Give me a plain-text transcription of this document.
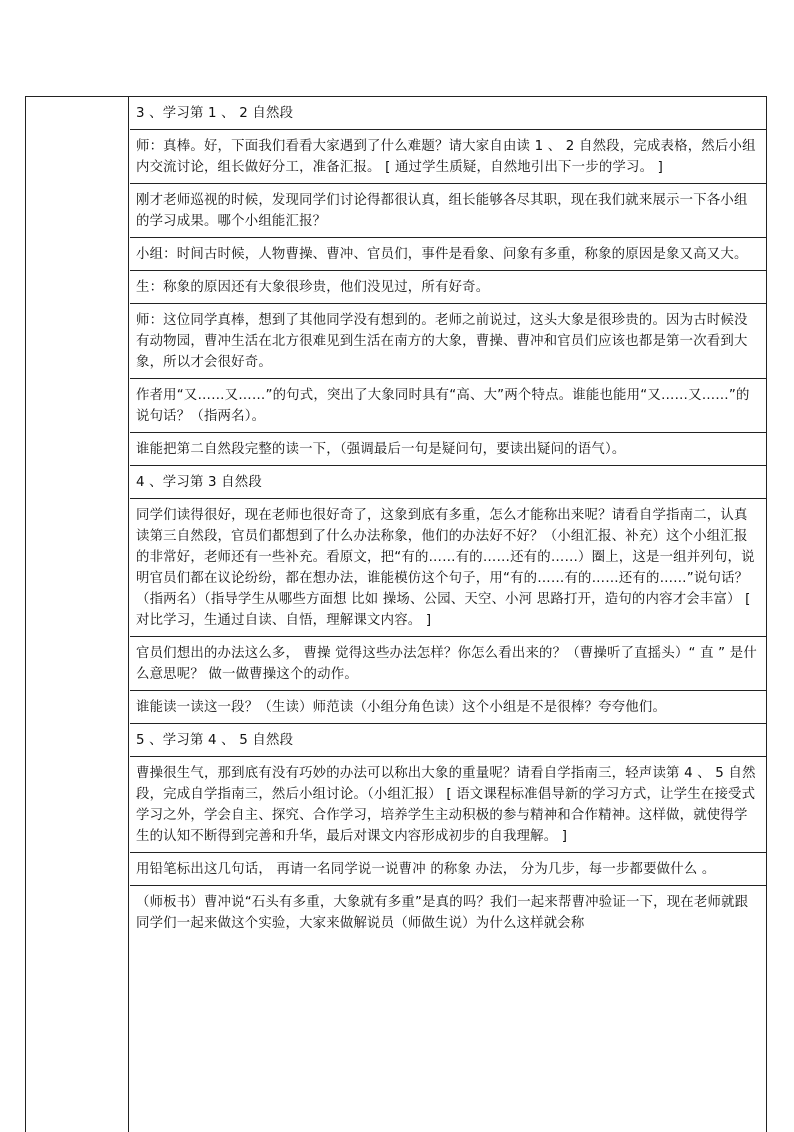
3 、学习第 1 、 2 自然段
师：真棒。好，下面我们看看大家遇到了什么难题？请大家自由读 1 、 2 自然段，完成表格，然后小组内交流讨论，组长做好分工，准备汇报。 [ 通过学生质疑，自然地引出下一步的学习。 ]
刚才老师巡视的时候，发现同学们讨论得都很认真，组长能够各尽其职，现在我们就来展示一下各小组的学习成果。哪个小组能汇报？
小组：时间古时候，人物曹操、曹冲、官员们，事件是看象、问象有多重，称象的原因是象又高又大。
生：称象的原因还有大象很珍贵，他们没见过，所有好奇。
师：这位同学真棒，想到了其他同学没有想到的。老师之前说过，这头大象是很珍贵的。因为古时候没有动物园，曹冲生活在北方很难见到生活在南方的大象，曹操、曹冲和官员们应该也都是第一次看到大象，所以才会很好奇。
作者用“又……又……”的句式，突出了大象同时具有“高、大”两个特点。谁能也能用“又……又……”的说句话？（指两名）。
谁能把第二自然段完整的读一下，（强调最后一句是疑问句，要读出疑问的语气）。
4 、学习第 3 自然段
同学们读得很好，现在老师也很好奇了，这象到底有多重，怎么才能称出来呢？请看自学指南二，认真读第三自然段，官员们都想到了什么办法称象，他们的办法好不好？（小组汇报、补充）这个小组汇报的非常好，老师还有一些补充。看原文，把“有的……有的……还有的……）圈上，这是一组并列句，说明官员们都在议论纷纷，都在想办法，谁能模仿这个句子，用“有的……有的……还有的……”说句话？（指两名）（指导学生从哪些方面想 比如 操场、公园、天空、小河 思路打开，造句的内容才会丰富） [ 对比学习，生通过自读、自悟，理解课文内容。 ]
官员们想出的办法这么多， 曹操 觉得这些办法怎样？你怎么看出来的？（曹操听了直摇头）“ 直 ” 是什么意思呢？ 做一做曹操这个的动作。
谁能读一读这一段？（生读）师范读（小组分角色读）这个小组是不是很棒？夸夸他们。
5 、学习第 4 、 5 自然段
曹操很生气，那到底有没有巧妙的办法可以称出大象的重量呢？请看自学指南三，轻声读第 4 、 5 自然段，完成自学指南三，然后小组讨论。（小组汇报） [ 语文课程标准倡导新的学习方式，让学生在接受式学习之外，学会自主、探究、合作学习，培养学生主动积极的参与精神和合作精神。这样做，就使得学生的认知不断得到完善和升华，最后对课文内容形成初步的自我理解。 ]
用铅笔标出这几句话， 再请一名同学说一说曹冲 的称象 办法， 分为几步，每一步都要做什么 。
（师板书）曹冲说“石头有多重，大象就有多重”是真的吗？我们一起来帮曹冲验证一下，现在老师就跟同学们一起来做这个实验，大家来做解说员（师做生说）为什么这样就会称
